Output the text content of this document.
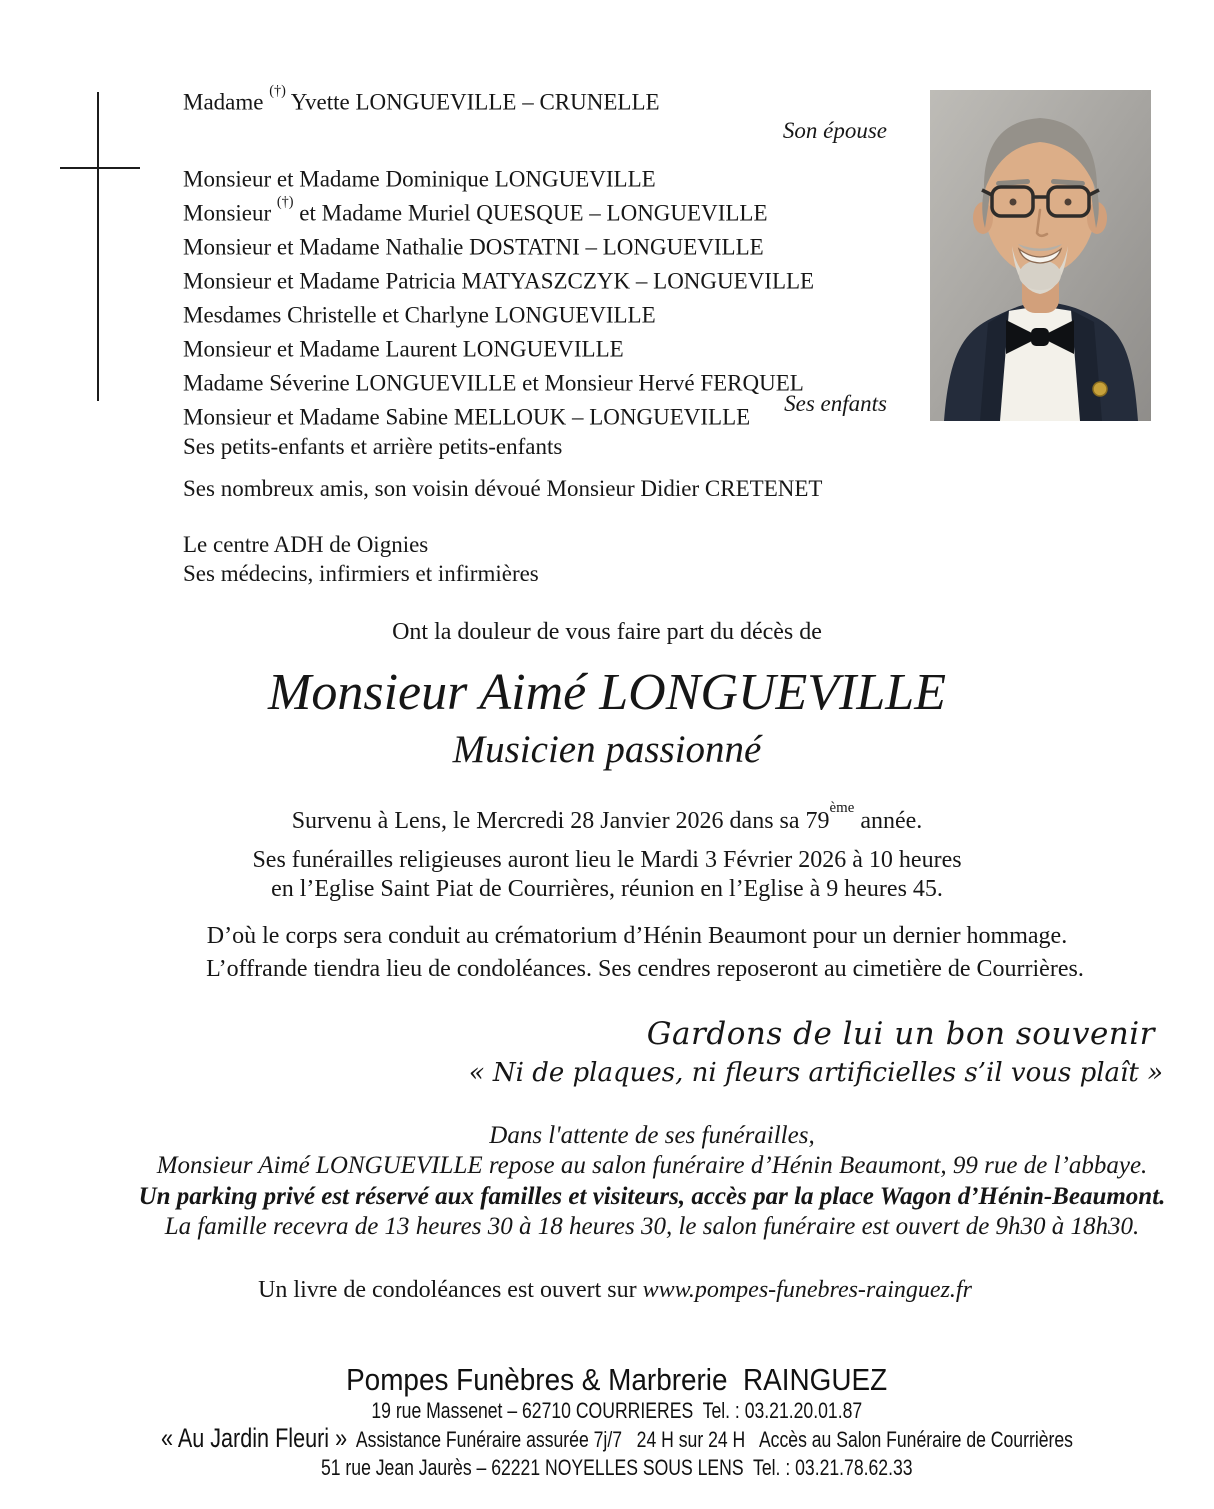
Madame (†) Yvette LONGUEVILLE – CRUNELLE
Son épouse
Monsieur et Madame Dominique LONGUEVILLE
Monsieur (†) et Madame Muriel QUESQUE – LONGUEVILLE
Monsieur et Madame Nathalie DOSTATNI – LONGUEVILLE
Monsieur et Madame Patricia MATYASZCZYK – LONGUEVILLE
Mesdames Christelle et Charlyne LONGUEVILLE
Monsieur et Madame Laurent LONGUEVILLE
Madame Séverine LONGUEVILLE et Monsieur Hervé FERQUEL
Monsieur et Madame Sabine MELLOUK – LONGUEVILLE
Ses enfants
Ses petits-enfants et arrière petits-enfants
Ses nombreux amis, son voisin dévoué Monsieur Didier CRETENET
Le centre ADH de Oignies
Ses médecins, infirmiers et infirmières
Ont la douleur de vous faire part du décès de
Monsieur Aimé LONGUEVILLE
Musicien passionné
Survenu à Lens, le Mercredi 28 Janvier 2026 dans sa 79ème année.
Ses funérailles religieuses auront lieu le Mardi 3 Février 2026 à 10 heures
en l’Eglise Saint Piat de Courrières, réunion en l’Eglise à 9 heures 45.
D’où le corps sera conduit au crématorium d’Hénin Beaumont pour un dernier hommage.
L’offrande tiendra lieu de condoléances. Ses cendres reposeront au cimetière de Courrières.
Gardons de lui un bon souvenir
« Ni de plaques, ni fleurs artificielles s’il vous plaît »
Dans l'attente de ses funérailles,
Monsieur Aimé LONGUEVILLE repose au salon funéraire d’Hénin Beaumont, 99 rue de l’abbaye.
Un parking privé est réservé aux familles et visiteurs, accès par la place Wagon d’Hénin-Beaumont.
La famille recevra de 13 heures 30 à 18 heures 30, le salon funéraire est ouvert de 9h30 à 18h30.
Un livre de condoléances est ouvert sur www.pompes-funebres-rainguez.fr
Pompes Funèbres & Marbrerie  RAINGUEZ
19 rue Massenet – 62710 COURRIERES  Tel. : 03.21.20.01.87
« Au Jardin Fleuri »  Assistance Funéraire assurée 7j/7   24 H sur 24 H   Accès au Salon Funéraire de Courrières
51 rue Jean Jaurès – 62221 NOYELLES SOUS LENS  Tel. : 03.21.78.62.33
